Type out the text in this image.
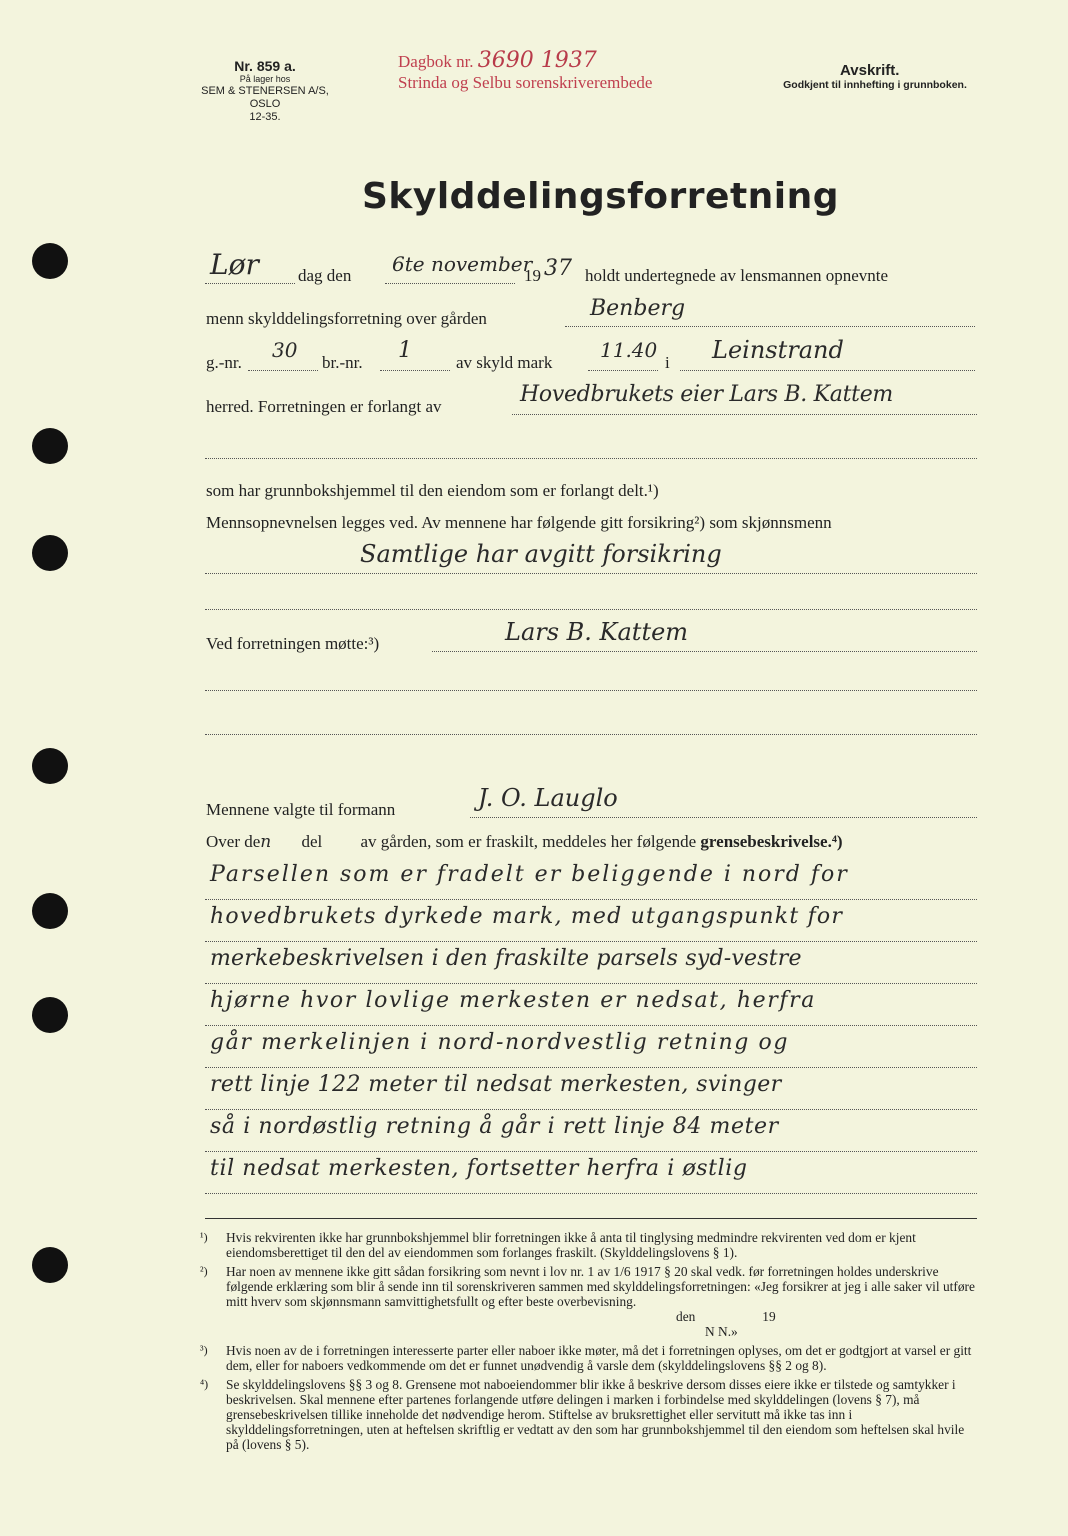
Nr. 859 a.
På lager hos
SEM & STENERSEN A/S, OSLO
12-35.
Dagbok nr. 3690 1937
Strinda og Selbu sorenskriverembede
Avskrift.
Godkjent til innhefting i grunnboken.
Skylddelingsforretning
Lør dag den 6te november
19 37 holdt undertegnede av lensmannen opnevnte
menn skylddelingsforretning over gården	Benberg
g.-nr.
30
br.-nr. 1	av skyld mark
11.40
i Leinstrand
herred. Forretningen er forlangt av	Hovedbrukets eier Lars B. Kattem
som har grunnbokshjemmel til den eiendom som er forlangt delt.¹)
Mennsopnevnelsen legges ved. Av mennene har følgende gitt forsikring²) som skjønnsmenn
Samtlige har avgitt forsikring
Ved forretningen møtte:³)	Lars B. Kattem
Mennene valgte til formann	J. O. Lauglo
Over den del av gården, som er fraskilt, meddeles her følgende grensebeskrivelse.⁴)
Parsellen som er fradelt er beliggende i nord for
hovedbrukets dyrkede mark, med utgangspunkt for
merkebeskrivelsen i den fraskilte parsels syd-vestre
hjørne hvor lovlige merkesten er nedsat, herfra
går merkelinjen i nord-nordvestlig retning og
rett linje 122 meter til nedsat merkesten, svinger
så i nordøstlig retning å går i rett linje 84 meter
til nedsat merkesten, fortsetter herfra i østlig
¹) Hvis rekvirenten ikke har grunnbokshjemmel blir forretningen ikke å anta til tinglysing medmindre rekvirenten ved dom er kjent eiendomsberettiget til den del av eiendommen som forlanges fraskilt. (Skylddelingslovens § 1).
²) Har noen av mennene ikke gitt sådan forsikring som nevnt i lov nr. 1 av 1/6 1917 § 20 skal vedk. før forretningen holdes underskrive følgende erklæring som blir å sende inn til sorenskriveren sammen med skylddelingsforretningen: «Jeg forsikrer at jeg i alle saker vil utføre mitt hverv som skjønnsmann samvittighetsfullt og efter beste overbevisning.
den                    19
N N.»
³) Hvis noen av de i forretningen interesserte parter eller naboer ikke møter, må det i forretningen oplyses, om det er godtgjort at varsel er gitt dem, eller for naboers vedkommende om det er funnet unødvendig å varsle dem (skylddelingslovens §§ 2 og 8).
⁴) Se skylddelingslovens §§ 3 og 8. Grensene mot naboeiendommer blir ikke å beskrive dersom disses eiere ikke er tilstede og samtykker i beskrivelsen. Skal mennene efter partenes forlangende utføre delingen i marken i forbindelse med skylddelingen (lovens § 7), må grensebeskrivelsen tillike inneholde det nødvendige herom. Stiftelse av bruksrettighet eller servitutt må ikke tas inn i skylddelingsforretningen, uten at heftelsen skriftlig er vedtatt av den som har grunnbokshjemmel til den eiendom som heftelsen skal hvile på (lovens § 5).
